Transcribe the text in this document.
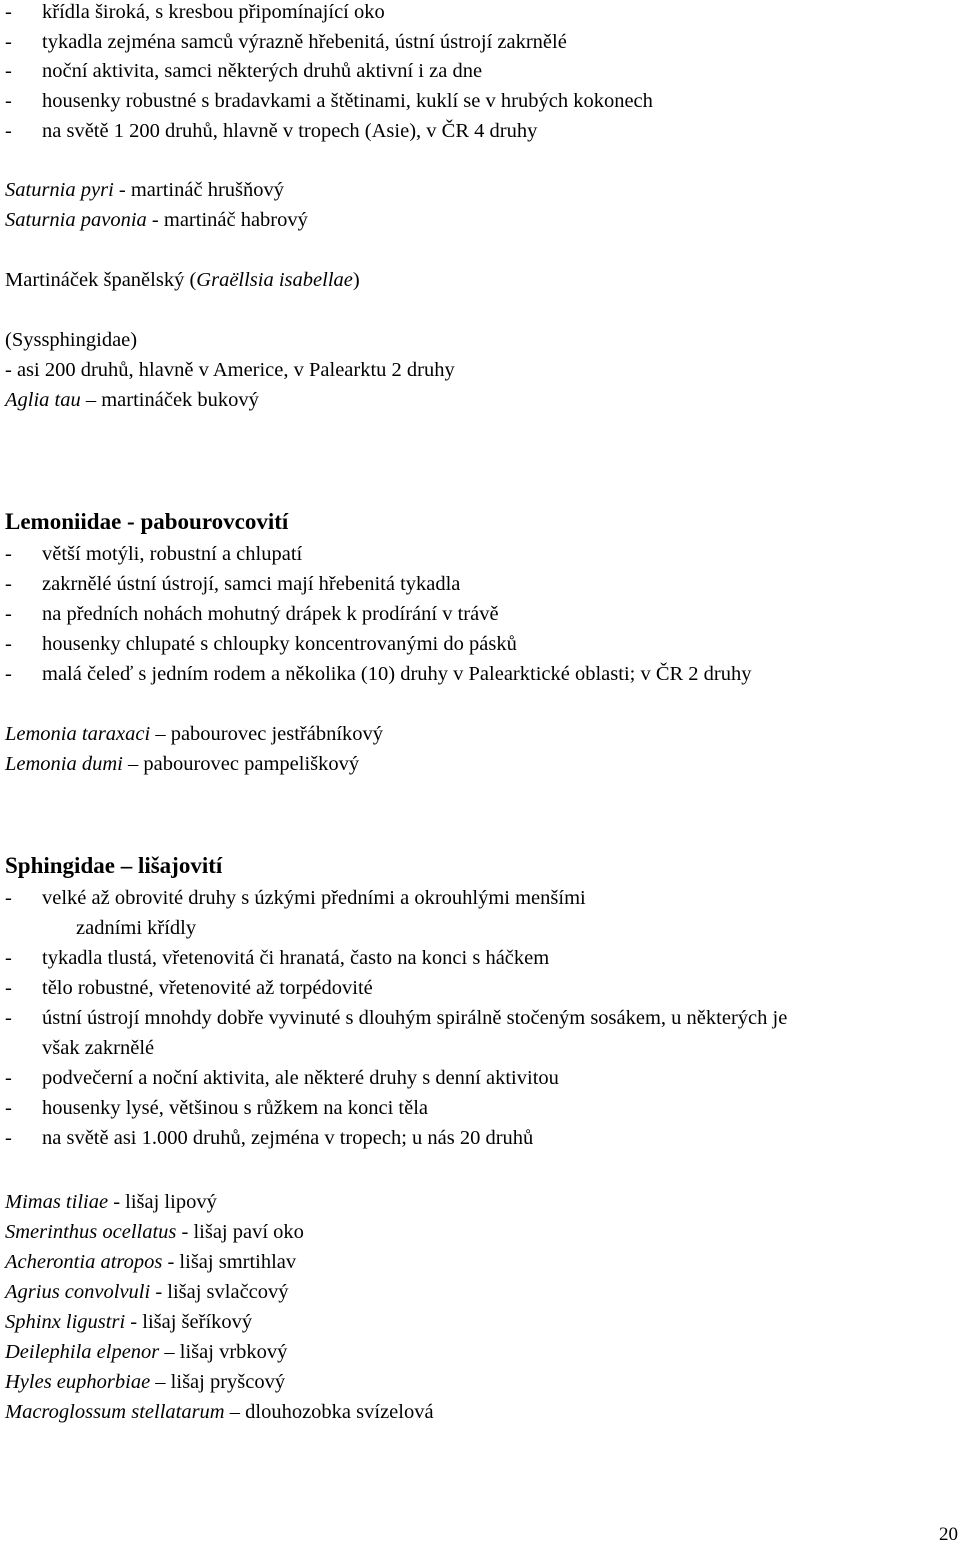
- křídla široká, s kresbou připomínající oko
- tykadla zejména samců výrazně hřebenitá, ústní ústrojí zakrnělé
- noční aktivita, samci některých druhů aktivní i za dne
- housenky robustné s bradavkami a štětinami, kuklí se v hrubých kokonech
- na světě 1 200 druhů, hlavně v tropech (Asie), v ČR 4 druhy
Saturnia pyri - martináč hrušňový
Saturnia pavonia - martináč habrový
Martináček španělský (Graëllsia isabellae)
(Syssphingidae)
- asi 200 druhů, hlavně v Americe, v Palearktu 2 druhy
Aglia tau – martináček bukový
Lemoniidae - pabourovcovití
- větší motýli, robustní a chlupatí
- zakrnělé ústní ústrojí, samci mají hřebenitá tykadla
- na předních nohách mohutný drápek k prodírání v trávě
- housenky chlupaté s chloupky koncentrovanými do pásků
- malá čeleď s jedním rodem a několika (10) druhy v Palearktické oblasti; v ČR 2 druhy
Lemonia taraxaci – pabourovec jestřábníkový
Lemonia dumi – pabourovec pampeliškový
Sphingidae – lišajovití
- velké až obrovité druhy s úzkými předními a okrouhlými menšími
zadními křídly
- tykadla tlustá, vřetenovitá či hranatá, často na konci s háčkem
- tělo robustné, vřetenovité až torpédovité
- ústní ústrojí mnohdy dobře vyvinuté s dlouhým spirálně stočeným sosákem, u některých je
však zakrnělé
- podvečerní a noční aktivita, ale některé druhy s denní aktivitou
- housenky lysé, většinou s růžkem na konci těla
- na světě asi 1.000 druhů, zejména v tropech; u nás 20 druhů
Mimas tiliae - lišaj lipový
Smerinthus ocellatus - lišaj paví oko
Acherontia atropos - lišaj smrtihlav
Agrius convolvuli - lišaj svlačcový
Sphinx ligustri - lišaj šeříkový
Deilephila elpenor – lišaj vrbkový
Hyles euphorbiae – lišaj pryšcový
Macroglossum stellatarum – dlouhozobka svízelová
20
